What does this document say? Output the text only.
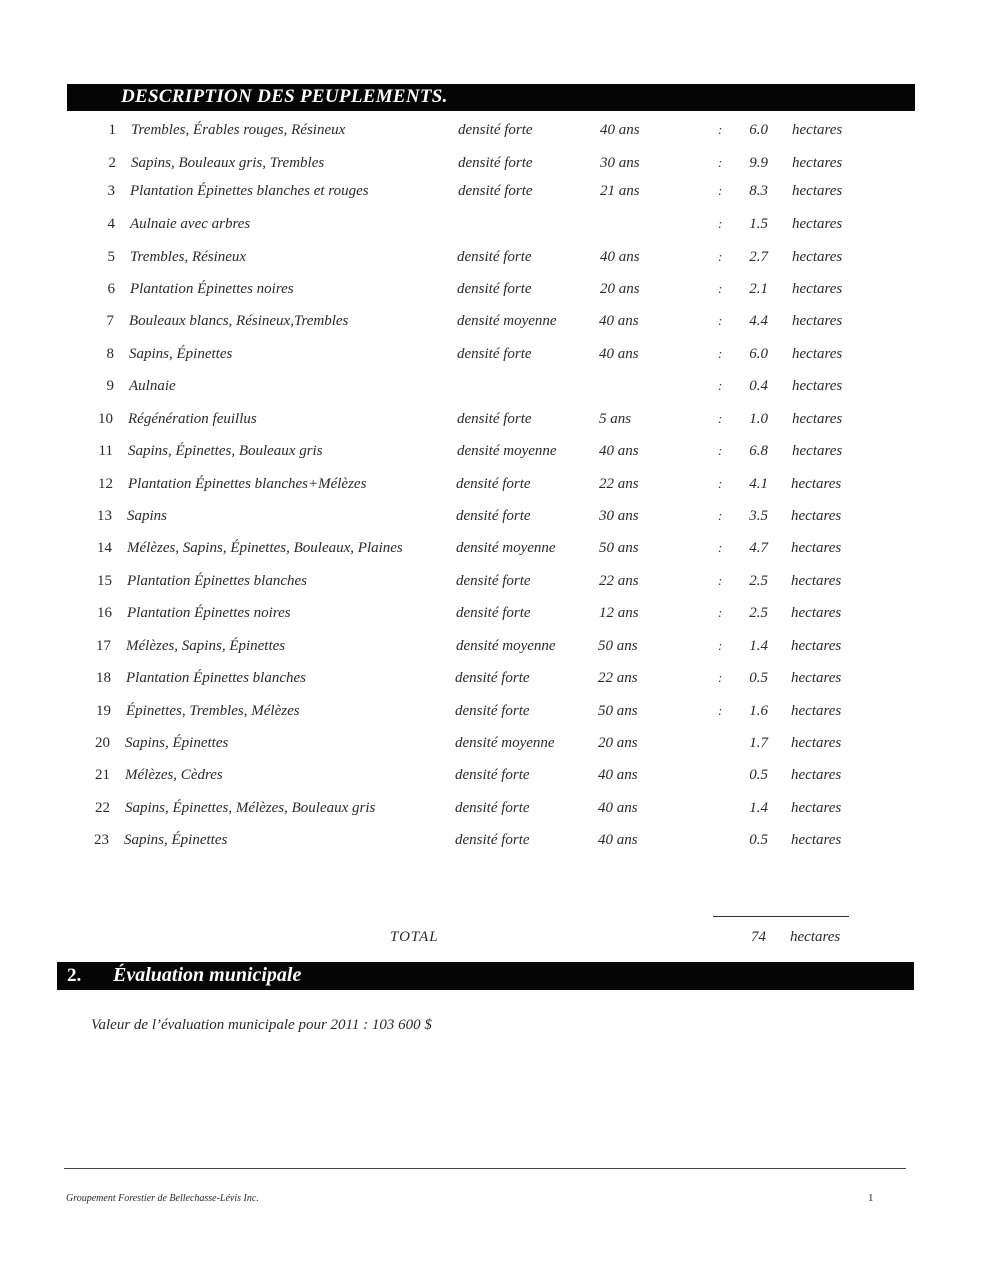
DESCRIPTION DES PEUPLEMENTS.
1 Trembles, Érables rouges, Résineux	densité forte	40 ans	:	6.0 hectares
2 Sapins, Bouleaux gris, Trembles	densité forte	30 ans	:	9.9 hectares
3 Plantation Épinettes blanches et rouges	densité forte	21 ans	:	8.3 hectares
4 Aulnaie avec arbres	:	1.5 hectares
5 Trembles, Résineux	densité forte	40 ans	:	2.7 hectares
6 Plantation Épinettes noires	densité forte	20 ans	:	2.1 hectares
7 Bouleaux blancs, Résineux,Trembles	densité moyenne	40 ans	:	4.4 hectares
8 Sapins, Épinettes	densité forte	40 ans	:	6.0 hectares
9 Aulnaie	:	0.4 hectares
10 Régénération feuillus	densité forte	5 ans	:	1.0 hectares
11 Sapins, Épinettes, Bouleaux gris	densité moyenne	40 ans	:	6.8 hectares
12 Plantation Épinettes blanches+Mélèzes	densité forte	22 ans	:	4.1 hectares
13 Sapins	densité forte	30 ans	:	3.5 hectares
14 Mélèzes, Sapins, Épinettes, Bouleaux, Plaines	densité moyenne	50 ans	:	4.7 hectares
15 Plantation Épinettes blanches	densité forte	22 ans	:	2.5 hectares
16 Plantation Épinettes noires	densité forte	12 ans	:	2.5 hectares
17 Mélèzes, Sapins, Épinettes	densité moyenne	50 ans	:	1.4 hectares
18 Plantation Épinettes blanches	densité forte	22 ans	:	0.5 hectares
19 Épinettes, Trembles, Mélèzes	densité forte	50 ans	:	1.6 hectares
20 Sapins, Épinettes	densité moyenne	20 ans	1.7 hectares
21 Mélèzes, Cèdres	densité forte	40 ans	0.5 hectares
22 Sapins, Épinettes, Mélèzes, Bouleaux gris	densité forte	40 ans	1.4 hectares
23 Sapins, Épinettes	densité forte	40 ans	0.5 hectares
TOTAL	74 hectares
2. Évaluation municipale
Valeur de l’évaluation municipale pour 2011 : 103 600 $
Groupement Forestier de Bellechasse-Lévis Inc.	1
